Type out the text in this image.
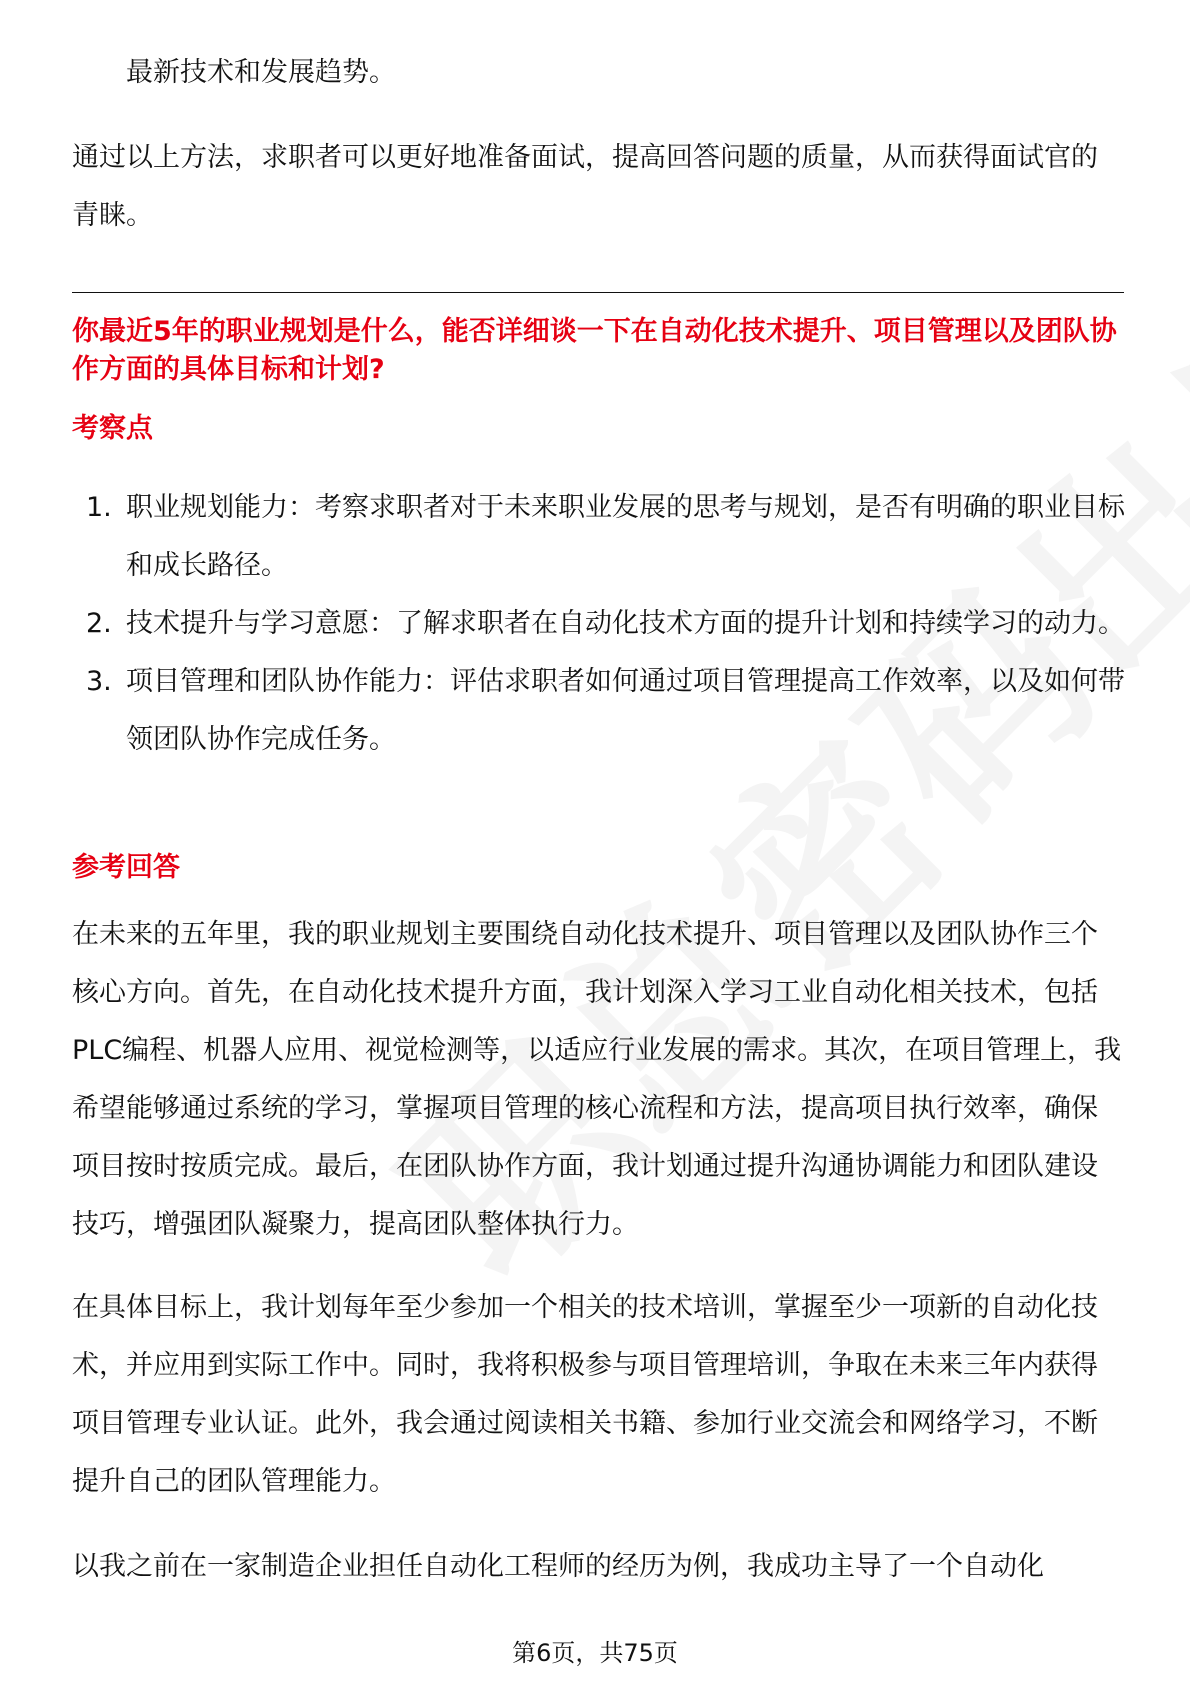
最新技术和发展趋势。

通过以上方法，求职者可以更好地准备面试，提高回答问题的质量，从而获得面试官的青睐。

你最近5年的职业规划是什么，能否详细谈一下在自动化技术提升、项目管理以及团队协作方面的具体目标和计划?
考察点
1. 职业规划能力：考察求职者对于未来职业发展的思考与规划，是否有明确的职业目标和成长路径。
2. 技术提升与学习意愿：了解求职者在自动化技术方面的提升计划和持续学习的动力。
3. 项目管理和团队协作能力：评估求职者如何通过项目管理提高工作效率，以及如何带领团队协作完成任务。
参考回答

在未来的五年里，我的职业规划主要围绕自动化技术提升、项目管理以及团队协作三个核心方向。首先，在自动化技术提升方面，我计划深入学习工业自动化相关技术，包括PLC编程、机器人应用、视觉检测等，以适应行业发展的需求。其次，在项目管理上，我希望能够通过系统的学习，掌握项目管理的核心流程和方法，提高项目执行效率，确保项目按时按质完成。最后，在团队协作方面，我计划通过提升沟通协调能力和团队建设技巧，增强团队凝聚力，提高团队整体执行力。

在具体目标上，我计划每年至少参加一个相关的技术培训，掌握至少一项新的自动化技术，并应用到实际工作中。同时，我将积极参与项目管理培训，争取在未来三年内获得项目管理专业认证。此外，我会通过阅读相关书籍、参加行业交流会和网络学习，不断提升自己的团队管理能力。

以我之前在一家制造企业担任自动化工程师的经历为例，我成功主导了一个自动化

第6页，共75页
